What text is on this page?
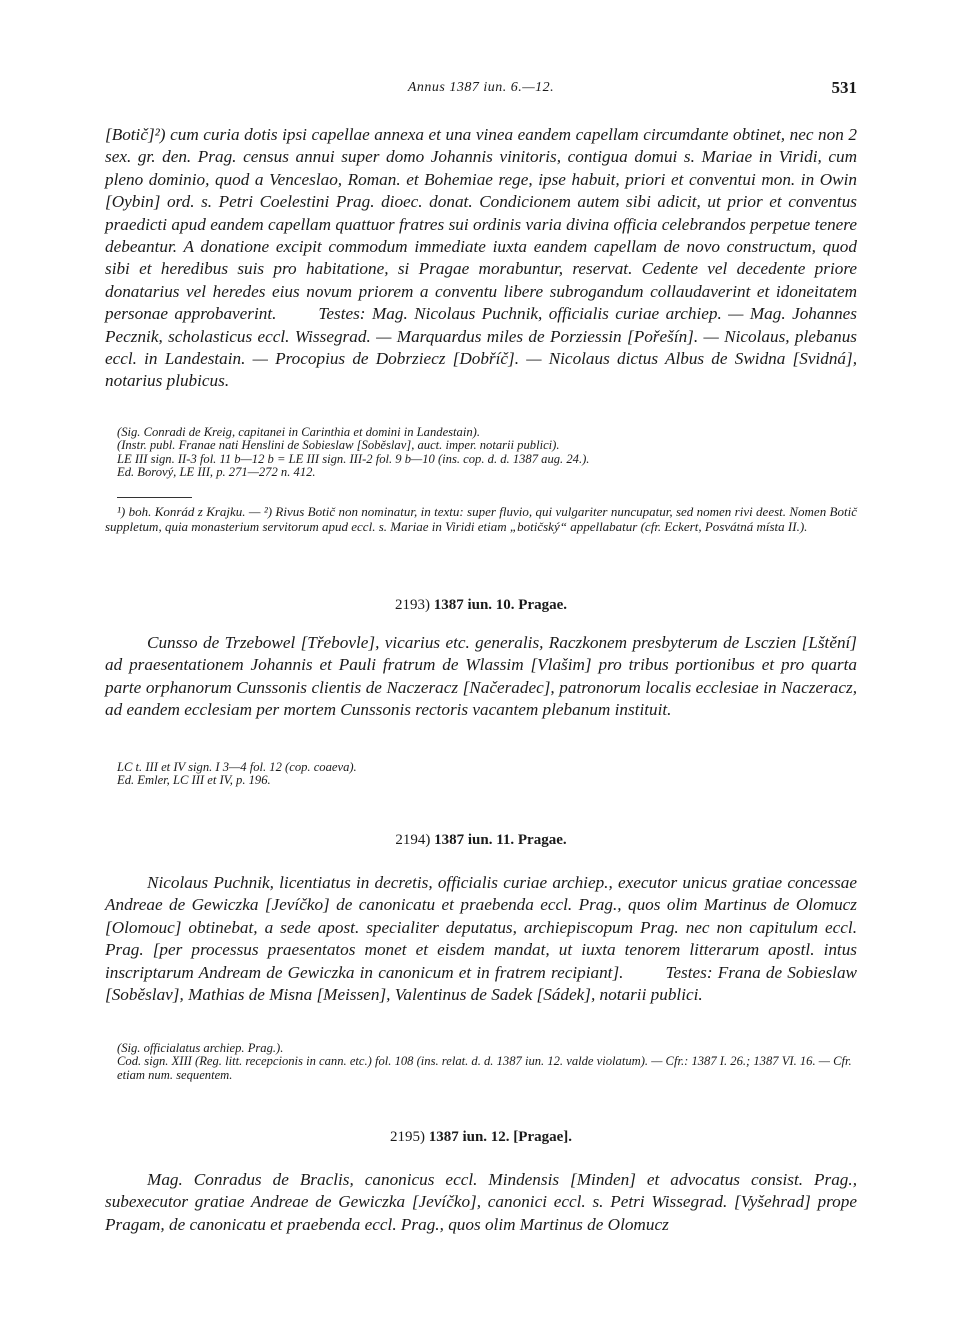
Annus 1387 iun. 6.—12.	531

[Botič]²) cum curia dotis ipsi capellae annexa et una vinea eandem capellam circumdante obtinet, nec non 2 sex. gr. den. Prag. census annui super domo Johannis vinitoris, contigua domui s. Mariae in Viridi, cum pleno dominio, quod a Venceslao, Roman. et Bohemiae rege, ipse habuit, priori et conventui mon. in Owin [Oybin] ord. s. Petri Coelestini Prag. dioec. donat. Condicionem autem sibi adicit, ut prior et conventus praedicti apud eandem capellam quattuor fratres sui ordinis varia divina officia celebrandos perpetue tenere debeantur. A donatione excipit commodum immediate iuxta eandem capellam de novo constructum, quod sibi et heredibus suis pro habitatione, si Pragae morabuntur, reservat. Cedente vel decedente priore donatarius vel heredes eius novum priorem a conventu libere subrogandum collaudaverint et idoneitatem personae approbaverint. Testes: Mag. Nicolaus Puchnik, officialis curiae archiep. — Mag. Johannes Pecznik, scholasticus eccl. Wissegrad. — Marquardus miles de Porziessin [Pořešín]. — Nicolaus, plebanus eccl. in Landestain. — Procopius de Dobrziecz [Dobříč]. — Nicolaus dictus Albus de Swidna [Svidná], notarius plubicus.

(Sig. Conradi de Kreig, capitanei in Carinthia et domini in Landestain).

(Instr. publ. Franae nati Henslini de Sobieslaw [Soběslav], auct. imper. notarii publici).

LE III sign. II-3 fol. 11 b—12 b = LE III sign. III-2 fol. 9 b—10 (ins. cop. d. d. 1387 aug. 24.).

Ed. Borový, LE III, p. 271—272 n. 412.

¹) boh. Konrád z Krajku. — ²) Rivus Botič non nominatur, in textu: super fluvio, qui vulgariter nuncupatur, sed nomen rivi deest. Nomen Botič suppletum, quia monasterium servitorum apud eccl. s. Mariae in Viridi etiam „botičský“ appellabatur (cfr. Eckert, Posvátná místa II.).

2193) 1387 iun. 10. Pragae.

Cunsso de Trzebowel [Třebovle], vicarius etc. generalis, Raczkonem presbyterum de Lsczien [Lštění] ad praesentationem Johannis et Pauli fratrum de Wlassim [Vlašim] pro tribus portionibus et pro quarta parte orphanorum Cunssonis clientis de Naczeracz [Načeradec], patronorum localis ecclesiae in Naczeracz, ad eandem ecclesiam per mortem Cunssonis rectoris vacantem plebanum instituit.

LC t. III et IV sign. I 3—4 fol. 12 (cop. coaeva).

Ed. Emler, LC III et IV, p. 196.

2194) 1387 iun. 11. Pragae.

Nicolaus Puchnik, licentiatus in decretis, officialis curiae archiep., executor unicus gratiae concessae Andreae de Gewiczka [Jevíčko] de canonicatu et praebenda eccl. Prag., quos olim Martinus de Olomucz [Olomouc] obtinebat, a sede apost. specialiter deputatus, archiepiscopum Prag. nec non capitulum eccl. Prag. [per processus praesentatos monet et eisdem mandat, ut iuxta tenorem litterarum apostl. intus inscriptarum Andream de Gewiczka in canonicum et in fratrem recipiant]. Testes: Frana de Sobieslaw [Soběslav], Mathias de Misna [Meissen], Valentinus de Sadek [Sádek], notarii publici.

(Sig. officialatus archiep. Prag.).

Cod. sign. XIII (Reg. litt. recepcionis in cann. etc.) fol. 108 (ins. relat. d. d. 1387 iun. 12. valde violatum). — Cfr.: 1387 I. 26.; 1387 VI. 16. — Cfr. etiam num. sequentem.

2195) 1387 iun. 12. [Pragae].

Mag. Conradus de Braclis, canonicus eccl. Mindensis [Minden] et advocatus consist. Prag., subexecutor gratiae Andreae de Gewiczka [Jevíčko], canonici eccl. s. Petri Wissegrad. [Vyšehrad] prope Pragam, de canonicatu et praebenda eccl. Prag., quos olim Martinus de Olomucz
